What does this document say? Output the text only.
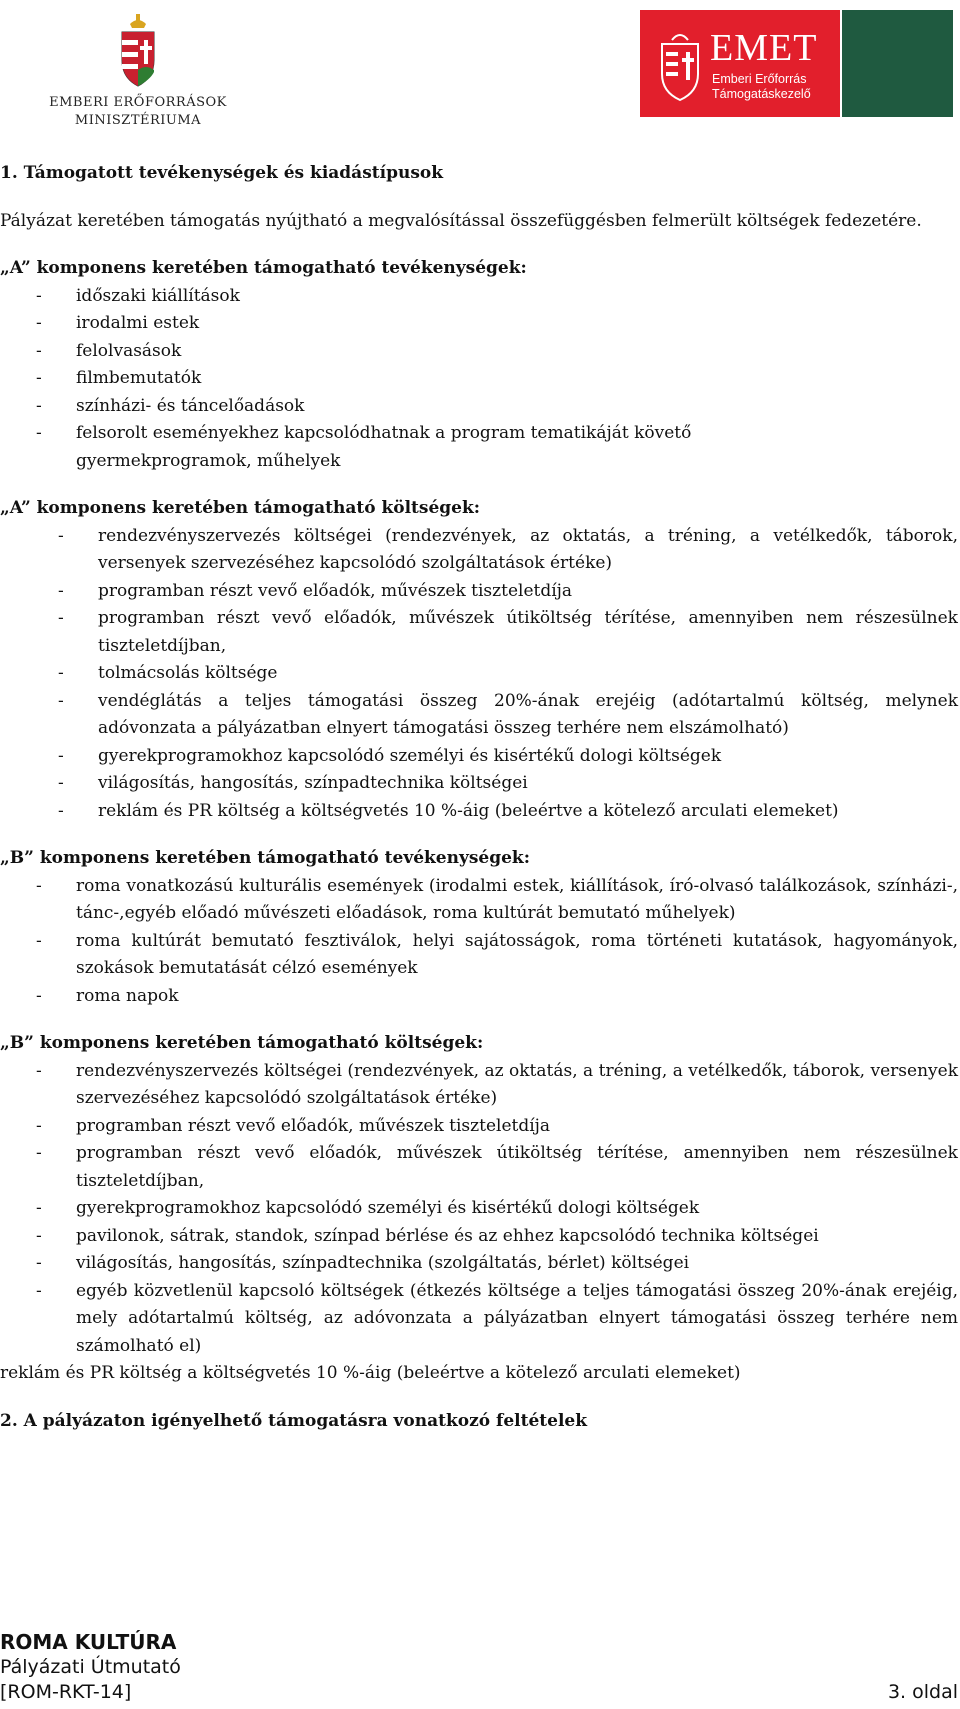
EMBERI ERŐFORRÁSOK
MINISZTÉRIUMA
EMET
Emberi Erőforrás
Támogatáskezelő

1. Támogatott tevékenységek és kiadástípusok

Pályázat keretében támogatás nyújtható a megvalósítással összefüggésben felmerült költségek fedezetére.

„A” komponens keretében támogatható tevékenységek:

- időszaki kiállítások
- irodalmi estek
- felolvasások
- filmbemutatók
- színházi- és táncelőadások
- felsorolt eseményekhez kapcsolódhatnak a program tematikáját követő gyermekprogramok, műhelyek

„A” komponens keretében támogatható költségek:

- rendezvényszervezés költségei (rendezvények, az oktatás, a tréning, a vetélkedők, táborok, versenyek szervezéséhez kapcsolódó szolgáltatások értéke)
- programban részt vevő előadók, művészek tiszteletdíja
- programban részt vevő előadók, művészek útiköltség térítése, amennyiben nem részesülnek tiszteletdíjban,
- tolmácsolás költsége
- vendéglátás a teljes támogatási összeg 20%-ának erejéig (adótartalmú költség, melynek adóvonzata a pályázatban elnyert támogatási összeg terhére nem elszámolható)
- gyerekprogramokhoz kapcsolódó személyi és kisértékű dologi költségek
- világosítás, hangosítás, színpadtechnika költségei
- reklám és PR költség a költségvetés 10 %-áig (beleértve a kötelező arculati elemeket)

„B” komponens keretében támogatható tevékenységek:

- roma vonatkozású kulturális események (irodalmi estek, kiállítások, író-olvasó találkozások, színházi-, tánc-,egyéb előadó művészeti előadások, roma kultúrát bemutató műhelyek)
- roma kultúrát bemutató fesztiválok, helyi sajátosságok, roma történeti kutatások, hagyományok, szokások bemutatását célzó események
- roma napok

„B” komponens keretében támogatható költségek:

- rendezvényszervezés költségei (rendezvények, az oktatás, a tréning, a vetélkedők, táborok, versenyek szervezéséhez kapcsolódó szolgáltatások értéke)
- programban részt vevő előadók, művészek tiszteletdíja
- programban részt vevő előadók, művészek útiköltség térítése, amennyiben nem részesülnek tiszteletdíjban,
- gyerekprogramokhoz kapcsolódó személyi és kisértékű dologi költségek
- pavilonok, sátrak, standok, színpad bérlése és az ehhez kapcsolódó technika költségei
- világosítás, hangosítás, színpadtechnika (szolgáltatás, bérlet) költségei
- egyéb közvetlenül kapcsoló költségek (étkezés költsége a teljes támogatási összeg 20%-ának erejéig, mely adótartalmú költség, az adóvonzata a pályázatban elnyert támogatási összeg terhére nem számolható el)

reklám és PR költség a költségvetés 10 %-áig (beleértve a kötelező arculati elemeket)

2. A pályázaton igényelhető támogatásra vonatkozó feltételek

ROMA KULTÚRA
Pályázati Útmutató
[ROM-RKT-14]	3. oldal
